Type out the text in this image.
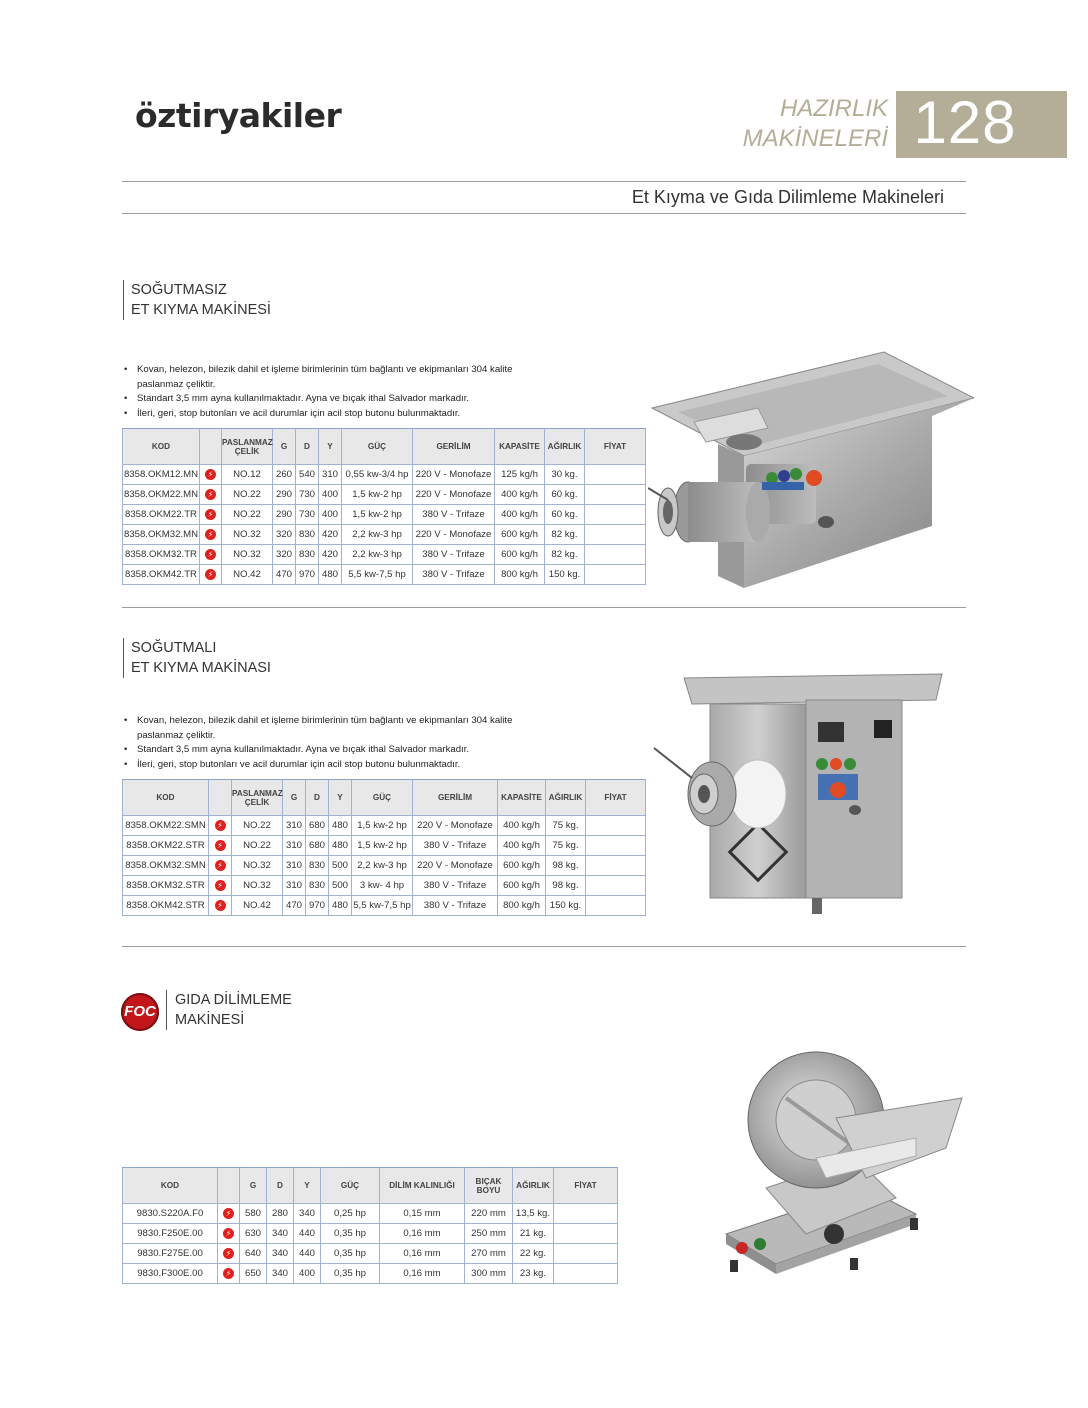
öztiryakiler	HAZIRLIK
MAKİNELERİ 128
Et Kıyma ve Gıda Dilimleme Makineleri
SOĞUTMASIZ
ET KIYMA MAKİNESİ
• Kovan, helezon, bilezik dahil et işleme birimlerinin tüm bağlantı ve ekipmanları 304 kalite paslanmaz çeliktir.
• Standart 3,5 mm ayna kullanılmaktadır. Ayna ve bıçak ithal Salvador markadır.
• İleri, geri, stop butonları ve acil durumlar için acil stop butonu bulunmaktadır.
KOD		PASLANMAZ ÇELİK	G	D	Y	GÜÇ	GERİLİM	KAPASİTE	AĞIRLIK	FİYAT
8358.OKM12.MN	⚡	NO.12	260	540	310	0,55 kw-3/4 hp	220 V - Monofaze	125 kg/h	30 kg.	
8358.OKM22.MN	⚡	NO.22	290	730	400	1,5 kw-2 hp	220 V - Monofaze	400 kg/h	60 kg.	
8358.OKM22.TR	⚡	NO.22	290	730	400	1,5 kw-2 hp	380 V - Trifaze	400 kg/h	60 kg.	
8358.OKM32.MN	⚡	NO.32	320	830	420	2,2 kw-3 hp	220 V - Monofaze	600 kg/h	82 kg.	
8358.OKM32.TR	⚡	NO.32	320	830	420	2,2 kw-3 hp	380 V - Trifaze	600 kg/h	82 kg.	
8358.OKM42.TR	⚡	NO.42	470	970	480	5,5 kw-7,5 hp	380 V - Trifaze	800 kg/h	150 kg.	
SOĞUTMALI
ET KIYMA MAKİNASI
• Kovan, helezon, bilezik dahil et işleme birimlerinin tüm bağlantı ve ekipmanları 304 kalite paslanmaz çeliktir.
• Standart 3,5 mm ayna kullanılmaktadır. Ayna ve bıçak ithal Salvador markadır.
• İleri, geri, stop butonları ve acil durumlar için acil stop butonu bulunmaktadır.
KOD		PASLANMAZ ÇELİK	G	D	Y	GÜÇ	GERİLİM	KAPASİTE	AĞIRLIK	FİYAT
8358.OKM22.SMN	⚡	NO.22	310	680	480	1,5 kw-2 hp	220 V - Monofaze	400 kg/h	75 kg.	
8358.OKM22.STR	⚡	NO.22	310	680	480	1,5 kw-2 hp	380 V - Trifaze	400 kg/h	75 kg.	
8358.OKM32.SMN	⚡	NO.32	310	830	500	2,2 kw-3 hp	220 V - Monofaze	600 kg/h	98 kg.	
8358.OKM32.STR	⚡	NO.32	310	830	500	3 kw- 4 hp	380 V - Trifaze	600 kg/h	98 kg.	
8358.OKM42.STR	⚡	NO.42	470	970	480	5,5 kw-7,5 hp	380 V - Trifaze	800 kg/h	150 kg.	
FOC
GIDA DİLİMLEME
MAKİNESİ
KOD		G	D	Y	GÜÇ	DİLİM KALINLIĞI	BIÇAK BOYU	AĞIRLIK	FİYAT
9830.S220A.F0	⚡	580	280	340	0,25 hp	0,15 mm	220 mm	13,5 kg.	
9830.F250E.00	⚡	630	340	440	0,35 hp	0,16 mm	250 mm	21 kg.	
9830.F275E.00	⚡	640	340	440	0,35 hp	0,16 mm	270 mm	22 kg.	
9830.F300E.00	⚡	650	340	400	0,35 hp	0,16 mm	300 mm	23 kg.	
